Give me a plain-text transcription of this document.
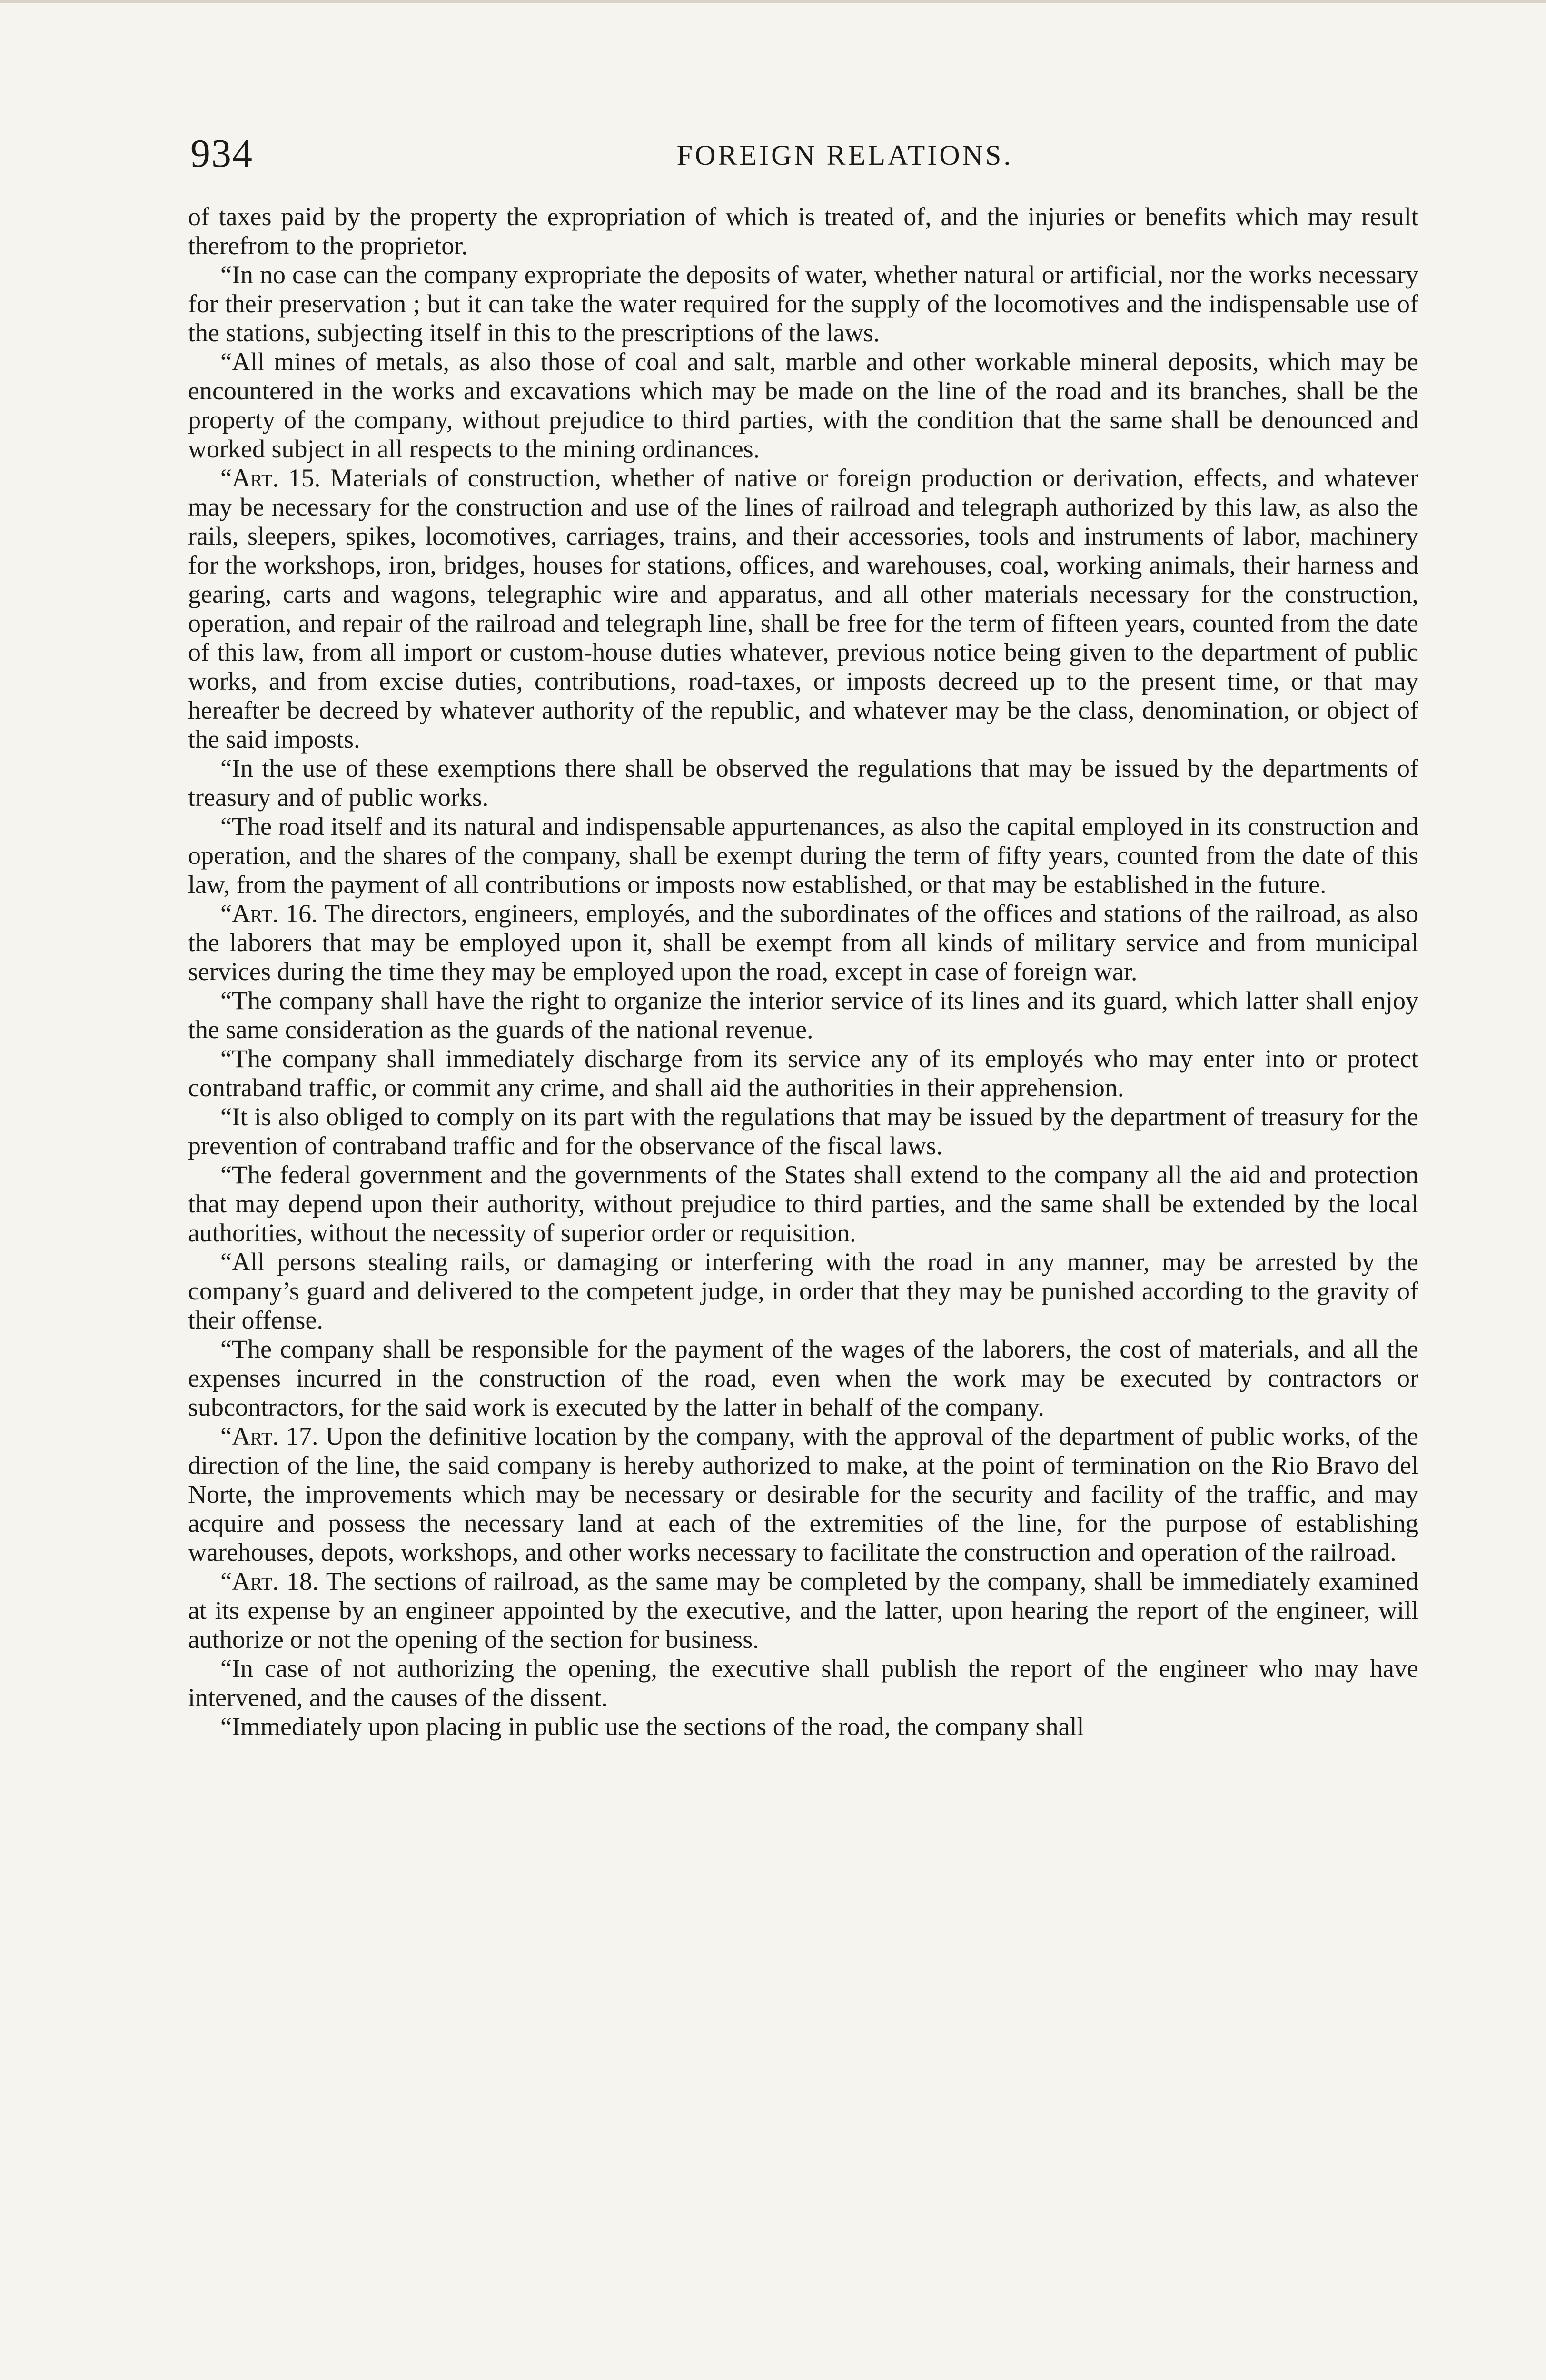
934	FOREIGN RELATIONS.

of taxes paid by the property the expropriation of which is treated of, and the injuries or benefits which may result therefrom to the proprietor.

“In no case can the company expropriate the deposits of water, whether natural or artificial, nor the works necessary for their preservation ; but it can take the water required for the supply of the locomotives and the indispensable use of the stations, subjecting itself in this to the prescriptions of the laws.

“All mines of metals, as also those of coal and salt, marble and other workable mineral deposits, which may be encountered in the works and excavations which may be made on the line of the road and its branches, shall be the property of the company, without prejudice to third parties, with the condition that the same shall be denounced and worked subject in all respects to the mining ordinances.

“Art. 15. Materials of construction, whether of native or foreign production or derivation, effects, and whatever may be necessary for the construction and use of the lines of railroad and telegraph authorized by this law, as also the rails, sleepers, spikes, locomotives, carriages, trains, and their accessories, tools and instruments of labor, machinery for the workshops, iron, bridges, houses for stations, offices, and warehouses, coal, working animals, their harness and gearing, carts and wagons, telegraphic wire and apparatus, and all other materials necessary for the construction, operation, and repair of the railroad and telegraph line, shall be free for the term of fifteen years, counted from the date of this law, from all import or custom-house duties whatever, previous notice being given to the department of public works, and from excise duties, contributions, road-taxes, or imposts decreed up to the present time, or that may hereafter be decreed by whatever authority of the republic, and whatever may be the class, denomination, or object of the said imposts.

“In the use of these exemptions there shall be observed the regulations that may be issued by the departments of treasury and of public works.

“The road itself and its natural and indispensable appurtenances, as also the capital employed in its construction and operation, and the shares of the company, shall be exempt during the term of fifty years, counted from the date of this law, from the payment of all contributions or imposts now established, or that may be established in the future.

“Art. 16. The directors, engineers, employés, and the subordinates of the offices and stations of the railroad, as also the laborers that may be employed upon it, shall be exempt from all kinds of military service and from municipal services during the time they may be employed upon the road, except in case of foreign war.

“The company shall have the right to organize the interior service of its lines and its guard, which latter shall enjoy the same consideration as the guards of the national revenue.

“The company shall immediately discharge from its service any of its employés who may enter into or protect contraband traffic, or commit any crime, and shall aid the authorities in their apprehension.

“It is also obliged to comply on its part with the regulations that may be issued by the department of treasury for the prevention of contraband traffic and for the observance of the fiscal laws.

“The federal government and the governments of the States shall extend to the company all the aid and protection that may depend upon their authority, without prejudice to third parties, and the same shall be extended by the local authorities, without the necessity of superior order or requisition.

“All persons stealing rails, or damaging or interfering with the road in any manner, may be arrested by the company’s guard and delivered to the competent judge, in order that they may be punished according to the gravity of their offense.

“The company shall be responsible for the payment of the wages of the laborers, the cost of materials, and all the expenses incurred in the construction of the road, even when the work may be executed by contractors or subcontractors, for the said work is executed by the latter in behalf of the company.

“Art. 17. Upon the definitive location by the company, with the approval of the department of public works, of the direction of the line, the said company is hereby authorized to make, at the point of termination on the Rio Bravo del Norte, the improvements which may be necessary or desirable for the security and facility of the traffic, and may acquire and possess the necessary land at each of the extremities of the line, for the purpose of establishing warehouses, depots, workshops, and other works necessary to facilitate the construction and operation of the railroad.

“Art. 18. The sections of railroad, as the same may be completed by the company, shall be immediately examined at its expense by an engineer appointed by the executive, and the latter, upon hearing the report of the engineer, will authorize or not the opening of the section for business.

“In case of not authorizing the opening, the executive shall publish the report of the engineer who may have intervened, and the causes of the dissent.

“Immediately upon placing in public use the sections of the road, the company shall
